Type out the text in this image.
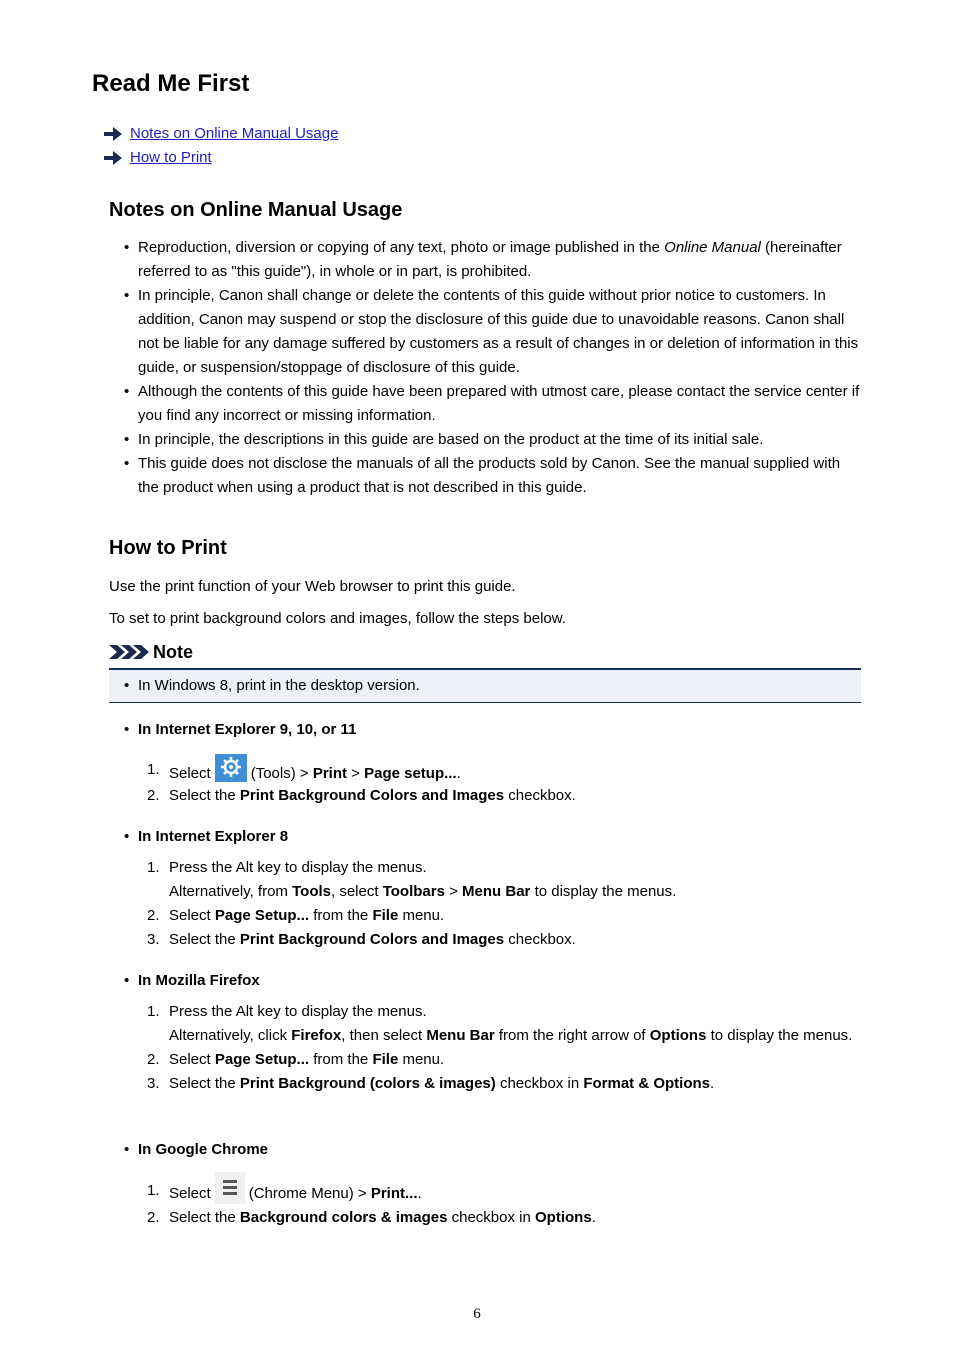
Read Me First
Notes on Online Manual Usage
How to Print
Notes on Online Manual Usage
• Reproduction, diversion or copying of any text, photo or image published in the Online Manual (hereinafter referred to as "this guide"), in whole or in part, is prohibited.
• In principle, Canon shall change or delete the contents of this guide without prior notice to customers. In addition, Canon may suspend or stop the disclosure of this guide due to unavoidable reasons. Canon shall not be liable for any damage suffered by customers as a result of changes in or deletion of information in this guide, or suspension/stoppage of disclosure of this guide.
• Although the contents of this guide have been prepared with utmost care, please contact the service center if you find any incorrect or missing information.
• In principle, the descriptions in this guide are based on the product at the time of its initial sale.
• This guide does not disclose the manuals of all the products sold by Canon. See the manual supplied with the product when using a product that is not described in this guide.
How to Print

Use the print function of your Web browser to print this guide.

To set to print background colors and images, follow the steps below.

Note
• In Windows 8, print in the desktop version.
• In Internet Explorer 9, 10, or 11
1. Select	(Tools) > Print > Page setup....
2. Select the Print Background Colors and Images checkbox.
• In Internet Explorer 8
1. Press the Alt key to display the menus.
Alternatively, from Tools, select Toolbars > Menu Bar to display the menus.
2. Select Page Setup... from the File menu.
3. Select the Print Background Colors and Images checkbox.
• In Mozilla Firefox
1. Press the Alt key to display the menus.
Alternatively, click Firefox, then select Menu Bar from the right arrow of Options to display the menus.
2. Select Page Setup... from the File menu.
3. Select the Print Background (colors & images) checkbox in Format & Options.
• In Google Chrome
1. Select	(Chrome Menu) > Print....
2. Select the Background colors & images checkbox in Options.
6
